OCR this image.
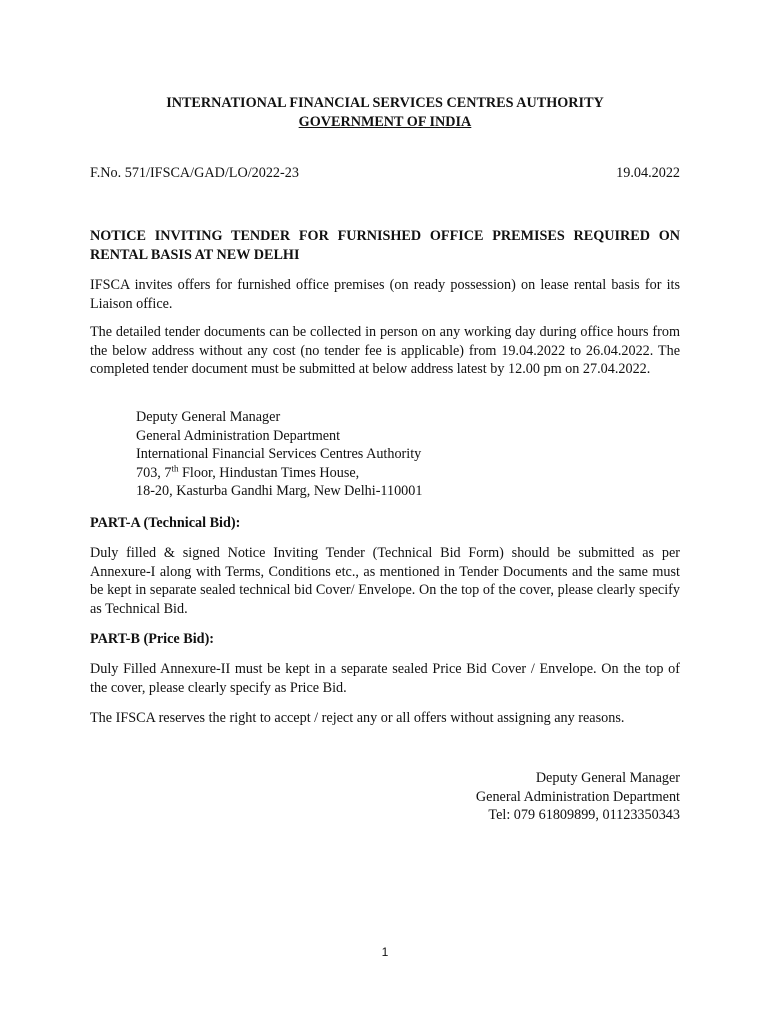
INTERNATIONAL FINANCIAL SERVICES CENTRES AUTHORITY
GOVERNMENT OF INDIA
F.No. 571/IFSCA/GAD/LO/2022-23	19.04.2022
NOTICE INVITING TENDER FOR FURNISHED OFFICE PREMISES REQUIRED ON RENTAL BASIS AT NEW DELHI

IFSCA invites offers for furnished office premises (on ready possession) on lease rental basis for its Liaison office.

The detailed tender documents can be collected in person on any working day during office hours from the below address without any cost (no tender fee is applicable) from 19.04.2022 to 26.04.2022. The completed tender document must be submitted at below address latest by 12.00 pm on 27.04.2022.

Deputy General Manager
General Administration Department
International Financial Services Centres Authority
703, 7th Floor, Hindustan Times House,
18-20, Kasturba Gandhi Marg, New Delhi-110001
PART-A (Technical Bid):

Duly filled & signed Notice Inviting Tender (Technical Bid Form) should be submitted as per Annexure-I along with Terms, Conditions etc., as mentioned in Tender Documents and the same must be kept in separate sealed technical bid Cover/ Envelope. On the top of the cover, please clearly specify as Technical Bid.

PART-B (Price Bid):

Duly Filled Annexure-II must be kept in a separate sealed Price Bid Cover / Envelope. On the top of the cover, please clearly specify as Price Bid.

The IFSCA reserves the right to accept / reject any or all offers without assigning any reasons.

Deputy General Manager
General Administration Department
Tel: 079 61809899, 01123350343
1
